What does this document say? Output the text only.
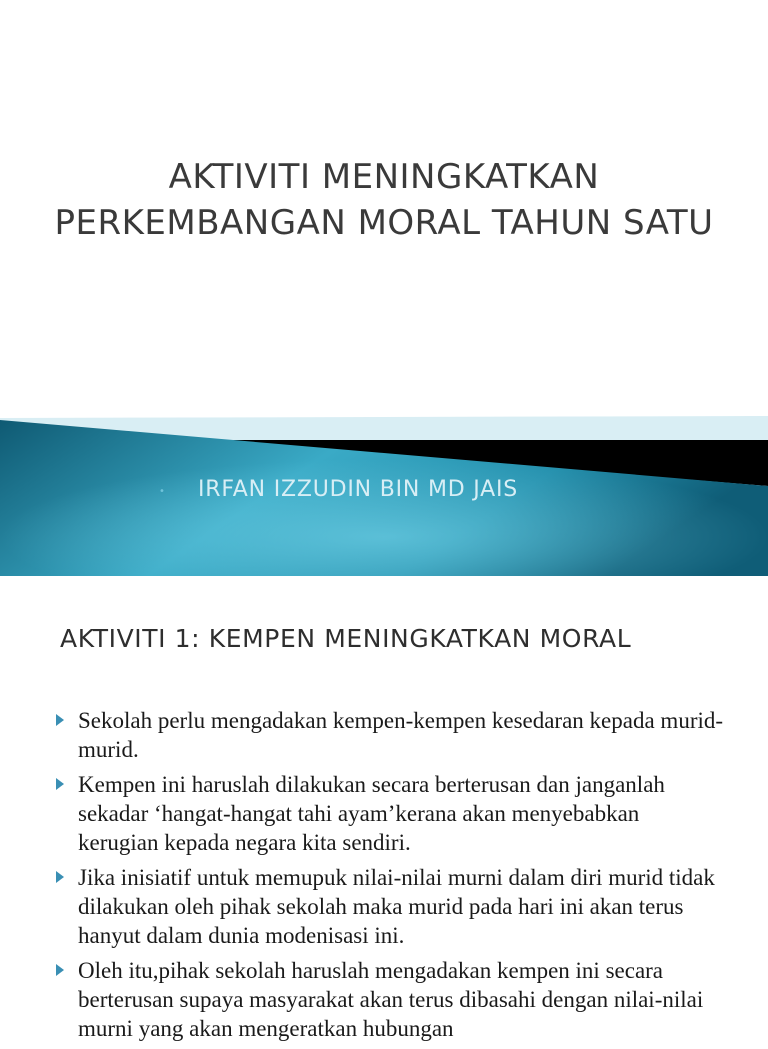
AKTIVITI MENINGKATKAN PERKEMBANGAN MORAL TAHUN SATU
• IRFAN IZZUDIN BIN MD JAIS
AKTIVITI 1: KEMPEN MENINGKATKAN MORAL
Sekolah perlu mengadakan kempen-kempen kesedaran kepada murid-murid.
Kempen ini haruslah dilakukan secara berterusan dan janganlah sekadar ‘hangat-hangat tahi ayam’kerana akan menyebabkan kerugian kepada negara kita sendiri.
Jika inisiatif untuk memupuk nilai-nilai murni dalam diri murid tidak dilakukan oleh pihak sekolah maka murid pada hari ini akan terus hanyut dalam dunia modenisasi ini.
Oleh itu,pihak sekolah haruslah mengadakan kempen ini secara berterusan supaya masyarakat akan terus dibasahi dengan nilai-nilai murni yang akan mengeratkan hubungan
